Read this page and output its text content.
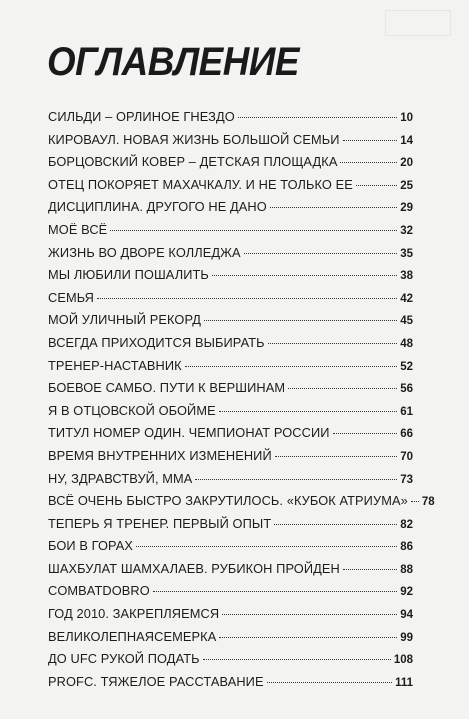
ОГЛАВЛЕНИЕ
СИЛЬДИ – ОРЛИНОЕ ГНЕЗДО	10
КИРОВАУЛ. НОВАЯ ЖИЗНЬ БОЛЬШОЙ СЕМЬИ	14
БОРЦОВСКИЙ КОВЕР – ДЕТСКАЯ ПЛОЩАДКА	20
ОТЕЦ ПОКОРЯЕТ МАХАЧКАЛУ. И НЕ ТОЛЬКО ЕЕ	25
ДИСЦИПЛИНА. ДРУГОГО НЕ ДАНО	29
МОЁ ВСЁ	32
ЖИЗНЬ ВО ДВОРЕ КОЛЛЕДЖА	35
МЫ ЛЮБИЛИ ПОШАЛИТЬ	38
СЕМЬЯ	42
МОЙ УЛИЧНЫЙ РЕКОРД	45
ВСЕГДА ПРИХОДИТСЯ ВЫБИРАТЬ	48
ТРЕНЕР-НАСТАВНИК	52
БОЕВОЕ САМБО. ПУТИ К ВЕРШИНАМ	56
Я В ОТЦОВСКОЙ ОБОЙМЕ	61
ТИТУЛ НОМЕР ОДИН. ЧЕМПИОНАТ РОССИИ	66
ВРЕМЯ ВНУТРЕННИХ ИЗМЕНЕНИЙ	70
НУ, ЗДРАВСТВУЙ, ММА	73
ВСЁ ОЧЕНЬ БЫСТРО ЗАКРУТИЛОСЬ. «КУБОК АТРИУМА» 78
ТЕПЕРЬ Я ТРЕНЕР. ПЕРВЫЙ ОПЫТ	82
БОИ В ГОРАХ	86
ШАХБУЛАТ ШАМХАЛАЕВ. РУБИКОН ПРОЙДЕН	88
COMBATDOBRO	92
ГОД 2010. ЗАКРЕПЛЯЕМСЯ	94
ВЕЛИКОЛЕПНАЯСЕМЕРКА	99
ДО UFC РУКОЙ ПОДАТЬ	108
PROFC. ТЯЖЕЛОЕ РАССТАВАНИЕ	111
